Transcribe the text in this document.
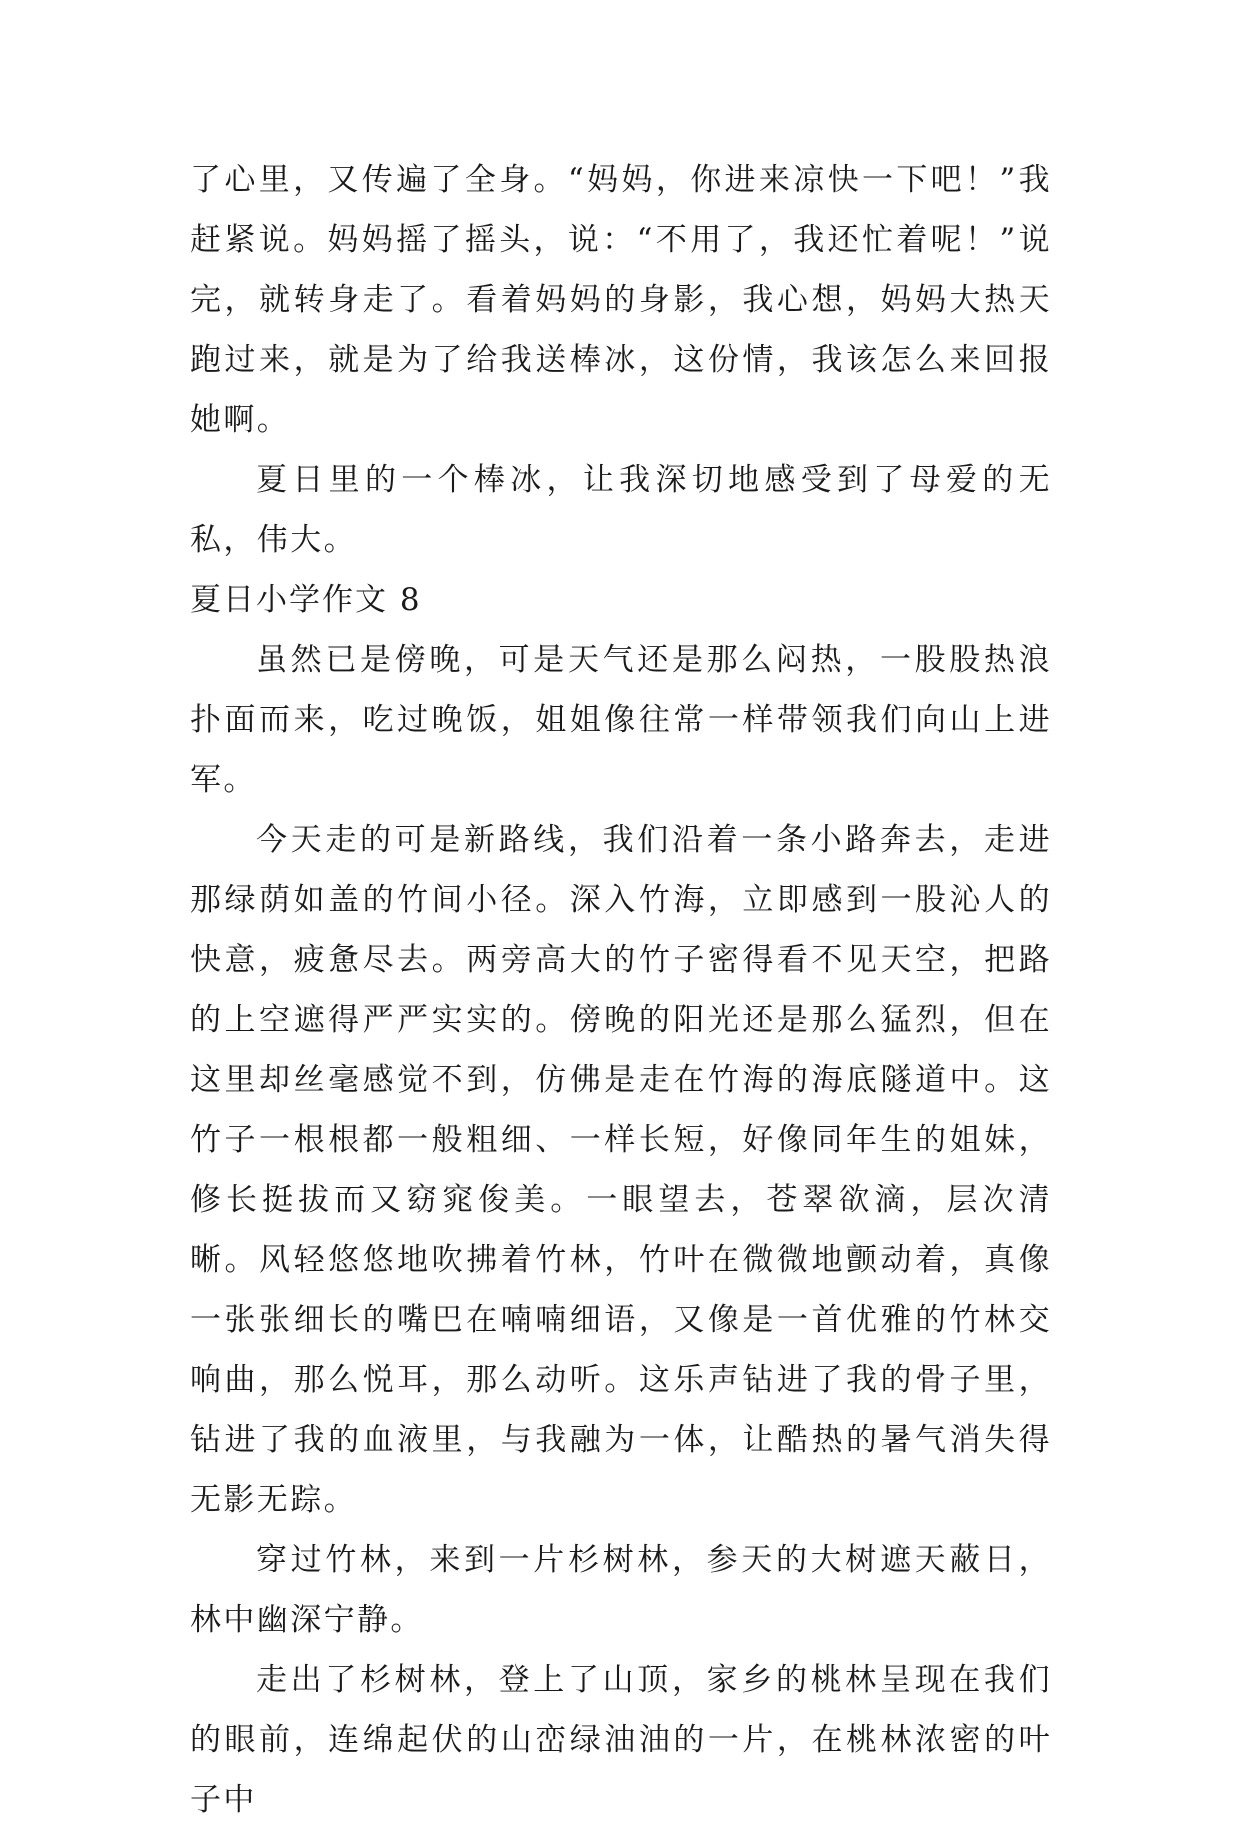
了心里，又传遍了全身。“妈妈，你进来凉快一下吧！”我赶紧说。妈妈摇了摇头，说：“不用了，我还忙着呢！”说完，就转身走了。看着妈妈的身影，我心想，妈妈大热天跑过来，就是为了给我送棒冰，这份情，我该怎么来回报她啊。

夏日里的一个棒冰，让我深切地感受到了母爱的无私，伟大。

夏日小学作文 8

虽然已是傍晚，可是天气还是那么闷热，一股股热浪扑面而来，吃过晚饭，姐姐像往常一样带领我们向山上进军。

今天走的可是新路线，我们沿着一条小路奔去，走进那绿荫如盖的竹间小径。深入竹海，立即感到一股沁人的快意，疲惫尽去。两旁高大的竹子密得看不见天空，把路的上空遮得严严实实的。傍晚的阳光还是那么猛烈，但在这里却丝毫感觉不到，仿佛是走在竹海的海底隧道中。这竹子一根根都一般粗细、一样长短，好像同年生的姐妹，修长挺拔而又窈窕俊美。一眼望去，苍翠欲滴，层次清晰。风轻悠悠地吹拂着竹林，竹叶在微微地颤动着，真像一张张细长的嘴巴在喃喃细语，又像是一首优雅的竹林交响曲，那么悦耳，那么动听。这乐声钻进了我的骨子里，钻进了我的血液里，与我融为一体，让酷热的暑气消失得无影无踪。

穿过竹林，来到一片杉树林，参天的大树遮天蔽日，林中幽深宁静。

走出了杉树林，登上了山顶，家乡的桃林呈现在我们的眼前，连绵起伏的山峦绿油油的一片，在桃林浓密的叶子中
